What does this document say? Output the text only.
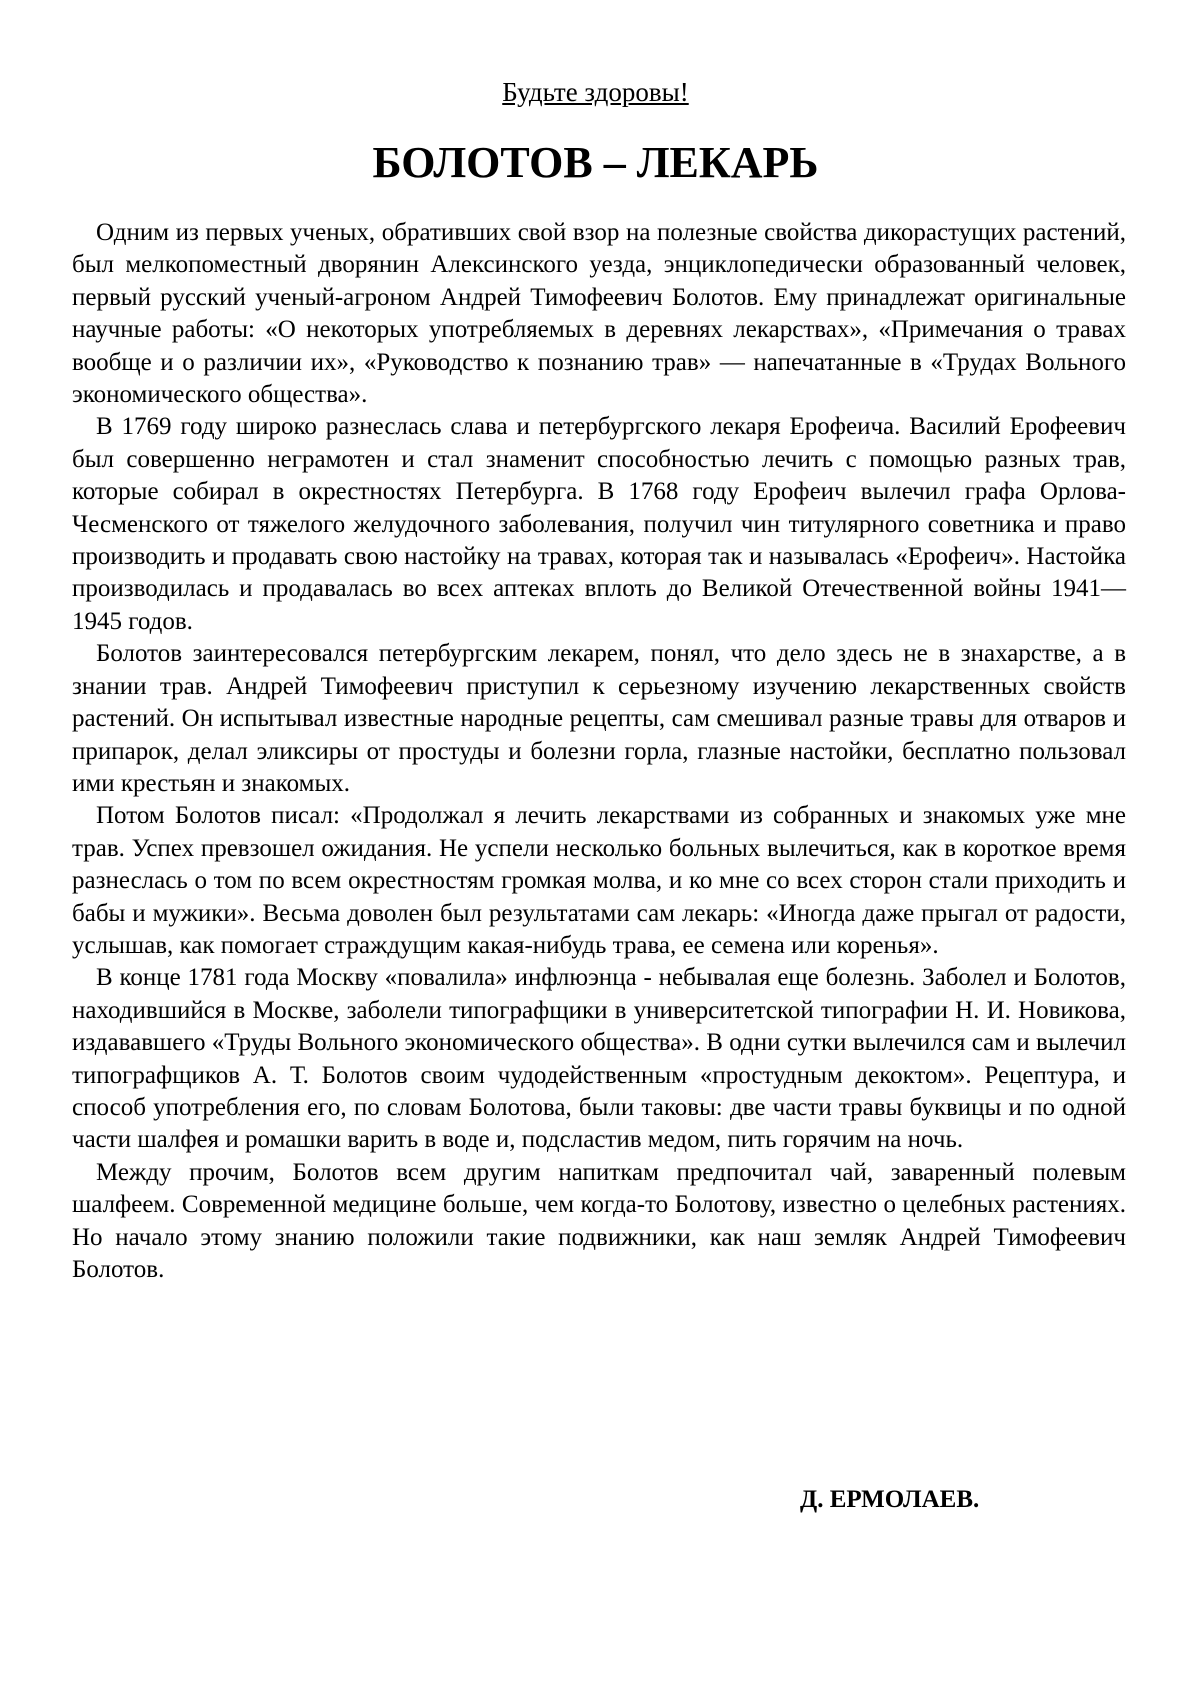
Будьте здоровы!
БОЛОТОВ – ЛЕКАРЬ

Одним из первых ученых, обративших свой взор на полезные свойства дикорастущих растений, был мелкопоместный дворянин Алексинского уезда, энциклопедически образованный человек, первый русский ученый-агроном Андрей Тимофеевич Болотов. Ему принадлежат оригинальные научные работы: «О некоторых употребляемых в деревнях лекарствах», «Примечания о травах вообще и о различии их», «Руководство к познанию трав» — напечатанные в «Трудах Вольного экономического общества».

В 1769 году широко разнеслась слава и петербургского лекаря Ерофеича. Василий Ерофеевич был совершенно неграмотен и стал знаменит способностью лечить с помощью разных трав, которые собирал в окрестностях Петербурга. В 1768 году Ерофеич вылечил графа Орлова-Чесменского от тяжелого желудочного заболевания, получил чин титулярного советника и право производить и продавать свою настойку на травах, которая так и называлась «Ерофеич». Настойка производилась и продавалась во всех аптеках вплоть до Великой Отечественной войны 1941—1945 годов.

Болотов заинтересовался петербургским лекарем, понял, что дело здесь не в знахарстве, а в знании трав. Андрей Тимофеевич приступил к серьезному изучению лекарственных свойств растений. Он испытывал известные народные рецепты, сам смешивал разные травы для отваров и припарок, делал эликсиры от простуды и болезни горла, глазные настойки, бесплатно пользовал ими крестьян и знакомых.

Потом Болотов писал: «Продолжал я лечить лекарствами из собранных и знакомых уже мне трав. Успех превзошел ожидания. Не успели несколько больных вылечиться, как в короткое время разнеслась о том по всем окрестностям громкая молва, и ко мне со всех сторон стали приходить и бабы и мужики». Весьма доволен был результатами сам лекарь: «Иногда даже прыгал от радости, услышав, как помогает страждущим какая-нибудь трава, ее семена или коренья».

В конце 1781 года Москву «повалила» инфлюэнца - небывалая еще болезнь. Заболел и Болотов, находившийся в Москве, заболели типографщики в университетской типографии Н. И. Новикова, издававшего «Труды Вольного экономического общества». В одни сутки вылечился сам и вылечил типографщиков А. Т. Болотов своим чудодейственным «простудным декоктом». Рецептура, и способ употребления его, по словам Болотова, были таковы: две части травы буквицы и по одной части шалфея и ромашки варить в воде и, подсластив медом, пить горячим на ночь.

Между прочим, Болотов всем другим напиткам предпочитал чай, заваренный полевым шалфеем. Современной медицине больше, чем когда-то Болотову, известно о целебных растениях. Но начало этому знанию положили такие подвижники, как наш земляк Андрей Тимофеевич Болотов.

Д. ЕРМОЛАЕВ.
